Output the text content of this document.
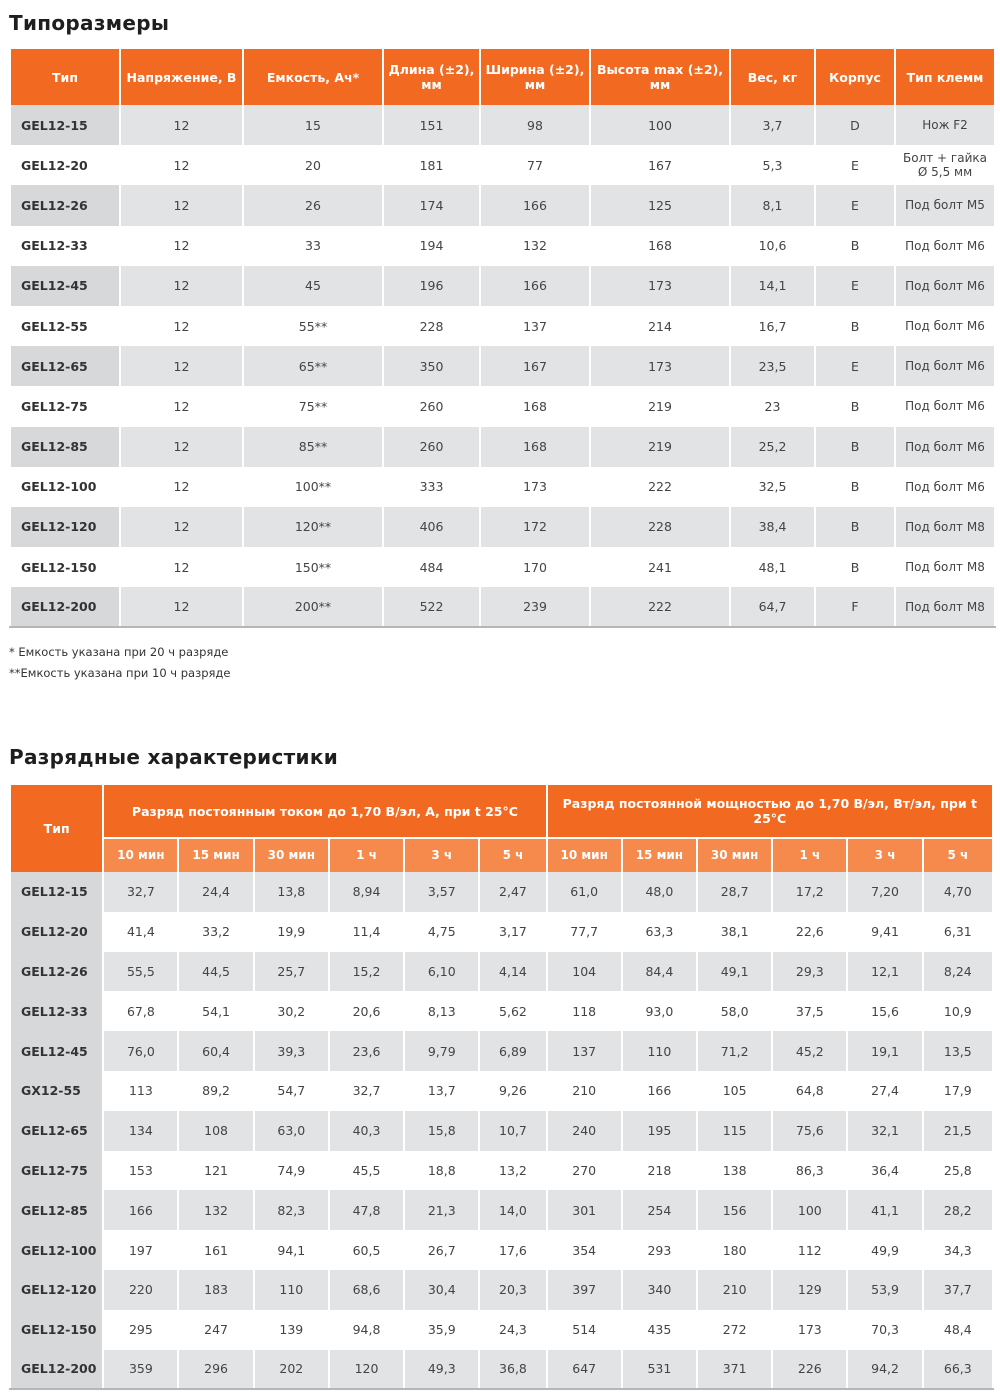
Типоразмеры
Тип	Напряжение, В	Емкость, Ач*	Длина (±2), мм	Ширина (±2), мм	Высота max (±2), мм	Вес, кг	Корпус	Тип клемм
GEL12-15	12	15	151	98	100	3,7	D	Нож F2
GEL12-20	12	20	181	77	167	5,3	E	Болт + гайка Ø 5,5 мм
GEL12-26	12	26	174	166	125	8,1	E	Под болт M5
GEL12-33	12	33	194	132	168	10,6	B	Под болт M6
GEL12-45	12	45	196	166	173	14,1	E	Под болт M6
GEL12-55	12	55**	228	137	214	16,7	B	Под болт M6
GEL12-65	12	65**	350	167	173	23,5	E	Под болт M6
GEL12-75	12	75**	260	168	219	23	B	Под болт M6
GEL12-85	12	85**	260	168	219	25,2	B	Под болт M6
GEL12-100	12	100**	333	173	222	32,5	B	Под болт M6
GEL12-120	12	120**	406	172	228	38,4	B	Под болт M8
GEL12-150	12	150**	484	170	241	48,1	B	Под болт M8
GEL12-200	12	200**	522	239	222	64,7	F	Под болт M8
* Емкость указана при 20 ч разряде
**Емкость указана при 10 ч разряде
Разрядные характеристики
Тип	Разряд постоянным током до 1,70 В/эл, А, при t 25°C						Разряд постоянной мощностью до 1,70 В/эл, Вт/эл, при t 25°C					
	10 мин	15 мин	30 мин	1 ч	3 ч	5 ч	10 мин	15 мин	30 мин	1 ч	3 ч	5 ч
GEL12-15	32,7	24,4	13,8	8,94	3,57	2,47	61,0	48,0	28,7	17,2	7,20	4,70
GEL12-20	41,4	33,2	19,9	11,4	4,75	3,17	77,7	63,3	38,1	22,6	9,41	6,31
GEL12-26	55,5	44,5	25,7	15,2	6,10	4,14	104	84,4	49,1	29,3	12,1	8,24
GEL12-33	67,8	54,1	30,2	20,6	8,13	5,62	118	93,0	58,0	37,5	15,6	10,9
GEL12-45	76,0	60,4	39,3	23,6	9,79	6,89	137	110	71,2	45,2	19,1	13,5
GX12-55	113	89,2	54,7	32,7	13,7	9,26	210	166	105	64,8	27,4	17,9
GEL12-65	134	108	63,0	40,3	15,8	10,7	240	195	115	75,6	32,1	21,5
GEL12-75	153	121	74,9	45,5	18,8	13,2	270	218	138	86,3	36,4	25,8
GEL12-85	166	132	82,3	47,8	21,3	14,0	301	254	156	100	41,1	28,2
GEL12-100	197	161	94,1	60,5	26,7	17,6	354	293	180	112	49,9	34,3
GEL12-120	220	183	110	68,6	30,4	20,3	397	340	210	129	53,9	37,7
GEL12-150	295	247	139	94,8	35,9	24,3	514	435	272	173	70,3	48,4
GEL12-200	359	296	202	120	49,3	36,8	647	531	371	226	94,2	66,3
